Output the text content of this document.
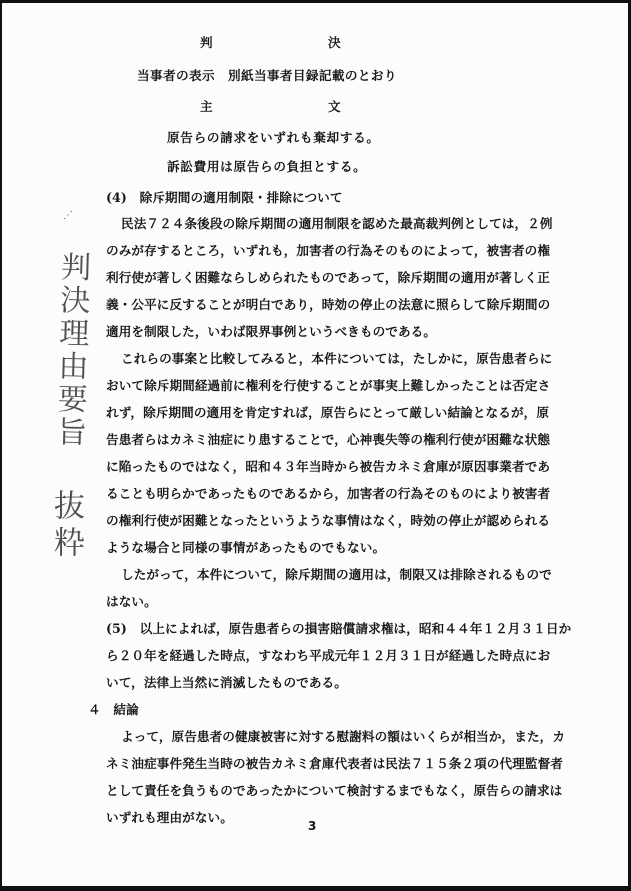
⋰
判決理由要旨
抜粋

判	決

当事者の表示　別紙当事者目録記載のとおり

主	文

原告らの請求をいずれも棄却する。

訴訟費用は原告らの負担とする。

(4)　除斥期間の適用制限・排除について

民法７２４条後段の除斥期間の適用制限を認めた最高裁判例としては，２例

のみが存するところ，いずれも，加害者の行為そのものによって，被害者の権

利行使が著しく困難ならしめられたものであって，除斥期間の適用が著しく正

義・公平に反することが明白であり，時効の停止の法意に照らして除斥期間の

適用を制限した，いわば限界事例というべきものである。

これらの事案と比較してみると，本件については，たしかに，原告患者らに

おいて除斥期間経過前に権利を行使することが事実上難しかったことは否定さ

れず，除斥期間の適用を肯定すれば，原告らにとって厳しい結論となるが，原

告患者らはカネミ油症にり患することで，心神喪失等の権利行使が困難な状態

に陥ったものではなく，昭和４３年当時から被告カネミ倉庫が原因事業者であ

ることも明らかであったものであるから，加害者の行為そのものにより被害者

の権利行使が困難となったというような事情はなく，時効の停止が認められる

ような場合と同様の事情があったものでもない。

したがって，本件について，除斥期間の適用は，制限又は排除されるもので

はない。

(5)　以上によれば，原告患者らの損害賠償請求権は，昭和４４年１２月３１日か

ら２０年を経過した時点，すなわち平成元年１２月３１日が経過した時点にお

いて，法律上当然に消滅したものである。

４　結論

よって，原告患者の健康被害に対する慰謝料の額はいくらが相当か，また，カ

ネミ油症事件発生当時の被告カネミ倉庫代表者は民法７１５条２項の代理監督者

として責任を負うものであったかについて検討するまでもなく，原告らの請求は

いずれも理由がない。

3
